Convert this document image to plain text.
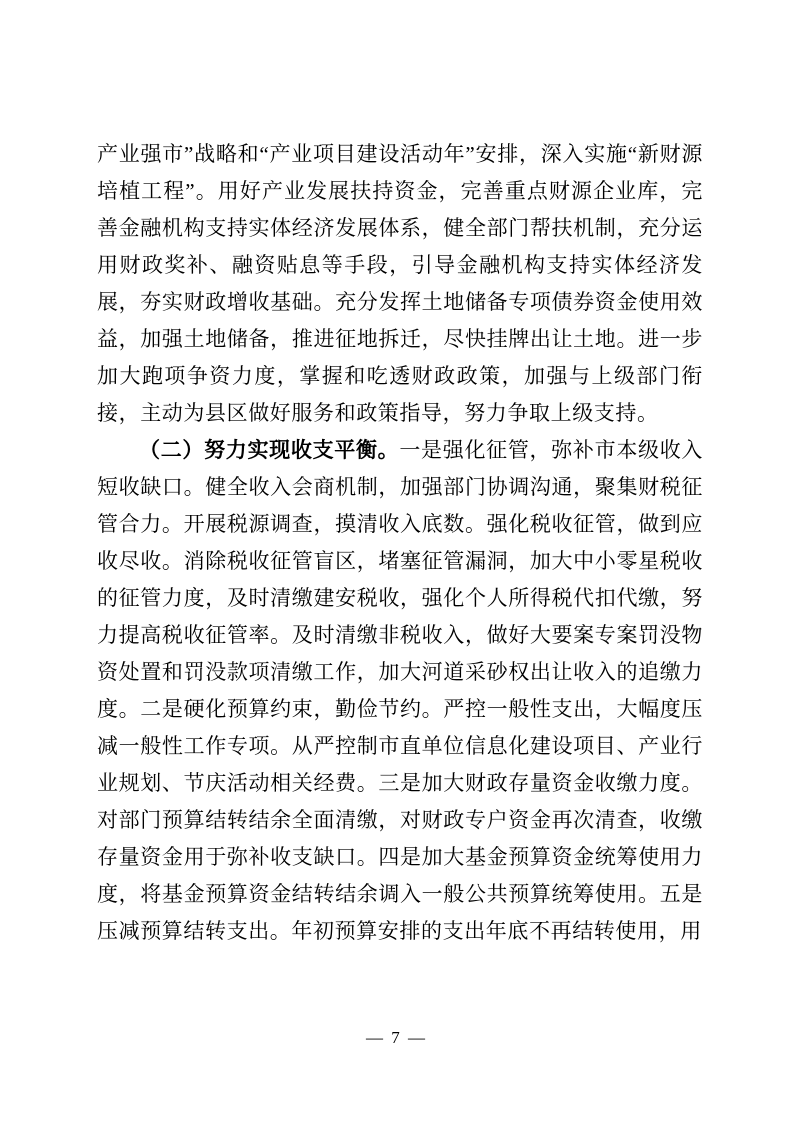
产业强市”战略和“产业项目建设活动年”安排，深入实施“新财源培植工程”。用好产业发展扶持资金，完善重点财源企业库，完善金融机构支持实体经济发展体系，健全部门帮扶机制，充分运用财政奖补、融资贴息等手段，引导金融机构支持实体经济发展，夯实财政增收基础。充分发挥土地储备专项债券资金使用效益，加强土地储备，推进征地拆迁，尽快挂牌出让土地。进一步加大跑项争资力度，掌握和吃透财政政策，加强与上级部门衔接，主动为县区做好服务和政策指导，努力争取上级支持。

（二）努力实现收支平衡。一是强化征管，弥补市本级收入短收缺口。健全收入会商机制，加强部门协调沟通，聚集财税征管合力。开展税源调查，摸清收入底数。强化税收征管，做到应收尽收。消除税收征管盲区，堵塞征管漏洞，加大中小零星税收的征管力度，及时清缴建安税收，强化个人所得税代扣代缴，努力提高税收征管率。及时清缴非税收入，做好大要案专案罚没物资处置和罚没款项清缴工作，加大河道采砂权出让收入的追缴力度。二是硬化预算约束，勤俭节约。严控一般性支出，大幅度压减一般性工作专项。从严控制市直单位信息化建设项目、产业行业规划、节庆活动相关经费。三是加大财政存量资金收缴力度。对部门预算结转结余全面清缴，对财政专户资金再次清查，收缴存量资金用于弥补收支缺口。四是加大基金预算资金统筹使用力度，将基金预算资金结转结余调入一般公共预算统筹使用。五是压减预算结转支出。年初预算安排的支出年底不再结转使用，用

— 7 —
